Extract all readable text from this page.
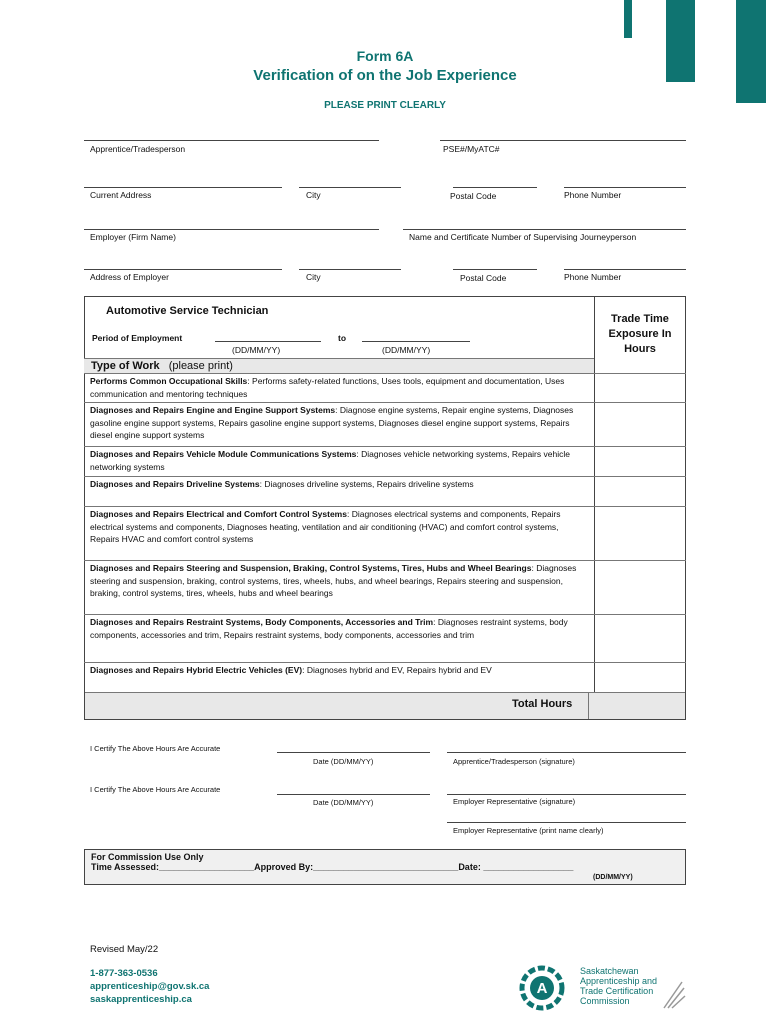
Form 6A
Verification of on the Job Experience
PLEASE PRINT CLEARLY
Apprentice/Tradesperson	PSE#/MyATC#
Current Address	City	Postal Code	Phone Number
Employer (Firm Name)	Name and Certificate Number of Supervising Journeyperson
Address of Employer	City	Postal Code	Phone Number
Automotive Service Technician
Period of Employment	to
(DD/MM/YY)	(DD/MM/YY)
Trade Time Exposure In Hours
Type of Work (please print)
Performs Common Occupational Skills: Performs safety-related functions, Uses tools, equipment and documentation, Uses communication and mentoring techniques
Diagnoses and Repairs Engine and Engine Support Systems: Diagnose engine systems, Repair engine systems, Diagnoses gasoline engine support systems, Repairs gasoline engine support systems, Diagnoses diesel engine support systems, Repairs diesel engine support systems
Diagnoses and Repairs Vehicle Module Communications Systems: Diagnoses vehicle networking systems, Repairs vehicle networking systems
Diagnoses and Repairs Driveline Systems: Diagnoses driveline systems, Repairs driveline systems
Diagnoses and Repairs Electrical and Comfort Control Systems: Diagnoses electrical systems and components, Repairs electrical systems and components, Diagnoses heating, ventilation and air conditioning (HVAC) and comfort control systems, Repairs HVAC and comfort control systems
Diagnoses and Repairs Steering and Suspension, Braking, Control Systems, Tires, Hubs and Wheel Bearings: Diagnoses steering and suspension, braking, control systems, tires, wheels, hubs, and wheel bearings, Repairs steering and suspension, braking, control systems, tires, wheels, hubs and wheel bearings
Diagnoses and Repairs Restraint Systems, Body Components, Accessories and Trim: Diagnoses restraint systems, body components, accessories and trim, Repairs restraint systems, body components, accessories and trim
Diagnoses and Repairs Hybrid Electric Vehicles (EV): Diagnoses hybrid and EV, Repairs hybrid and EV
Total Hours
I Certify The Above Hours Are Accurate
Date (DD/MM/YY)	Apprentice/Tradesperson (signature)
I Certify The Above Hours Are Accurate
Date (DD/MM/YY)	Employer Representative (signature)
Employer Representative (print name clearly)
For Commission Use Only
Time Assessed:___________________Approved By:_____________________________Date: __________________
(DD/MM/YY)
Revised May/22
1-877-363-0536
apprenticeship@gov.sk.ca
saskapprenticeship.ca
A
Saskatchewan
Apprenticeship and
Trade Certification
Commission
